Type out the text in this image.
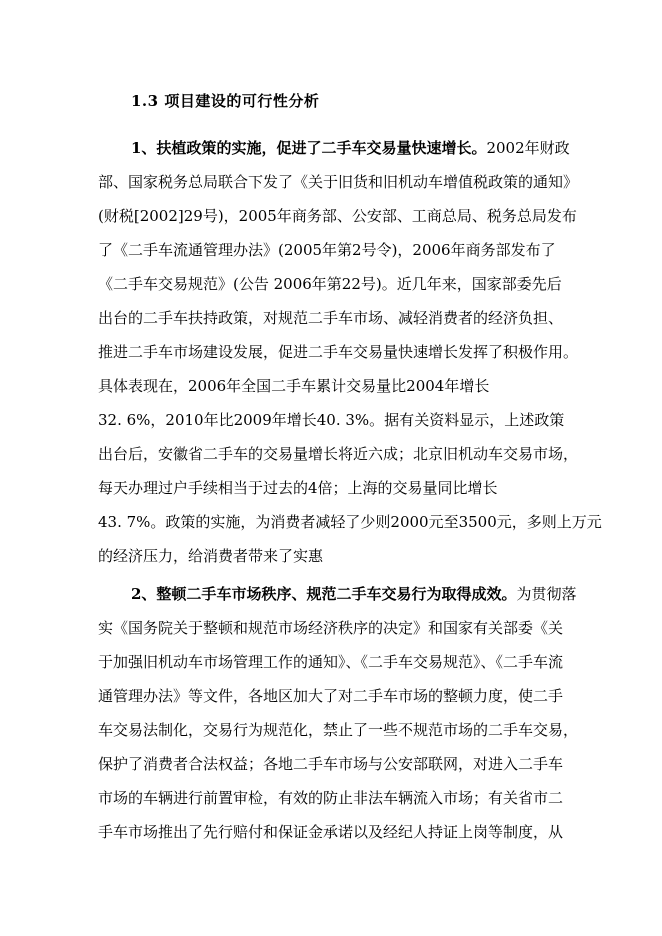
1.3 项目建设的可行性分析
1、扶植政策的实施，促进了二手车交易量快速增长。2002年财政
部、国家税务总局联合下发了《关于旧货和旧机动车增值税政策的通知》
(财税[2002]29号)，2005年商务部、公安部、工商总局、税务总局发布
了《二手车流通管理办法》(2005年第2号令)，2006年商务部发布了
《二手车交易规范》(公告 2006年第22号)。近几年来，国家部委先后
出台的二手车扶持政策，对规范二手车市场、减轻消费者的经济负担、
推进二手车市场建设发展，促进二手车交易量快速增长发挥了积极作用。
具体表现在，2006年全国二手车累计交易量比2004年增长
32. 6%，2010年比2009年增长40. 3%。据有关资料显示，上述政策
出台后，安徽省二手车的交易量增长将近六成；北京旧机动车交易市场，
每天办理过户手续相当于过去的4倍；上海的交易量同比增长
43. 7%。政策的实施，为消费者减轻了少则2000元至3500元，多则上万元
的经济压力，给消费者带来了实惠
2、整顿二手车市场秩序、规范二手车交易行为取得成效。为贯彻落
实《国务院关于整顿和规范市场经济秩序的决定》和国家有关部委《关
于加强旧机动车市场管理工作的通知》、《二手车交易规范》、《二手车流
通管理办法》等文件，各地区加大了对二手车市场的整顿力度，使二手
车交易法制化，交易行为规范化，禁止了一些不规范市场的二手车交易，
保护了消费者合法权益；各地二手车市场与公安部联网，对进入二手车
市场的车辆进行前置审检，有效的防止非法车辆流入市场；有关省市二
手车市场推出了先行赔付和保证金承诺以及经纪人持证上岗等制度，从
